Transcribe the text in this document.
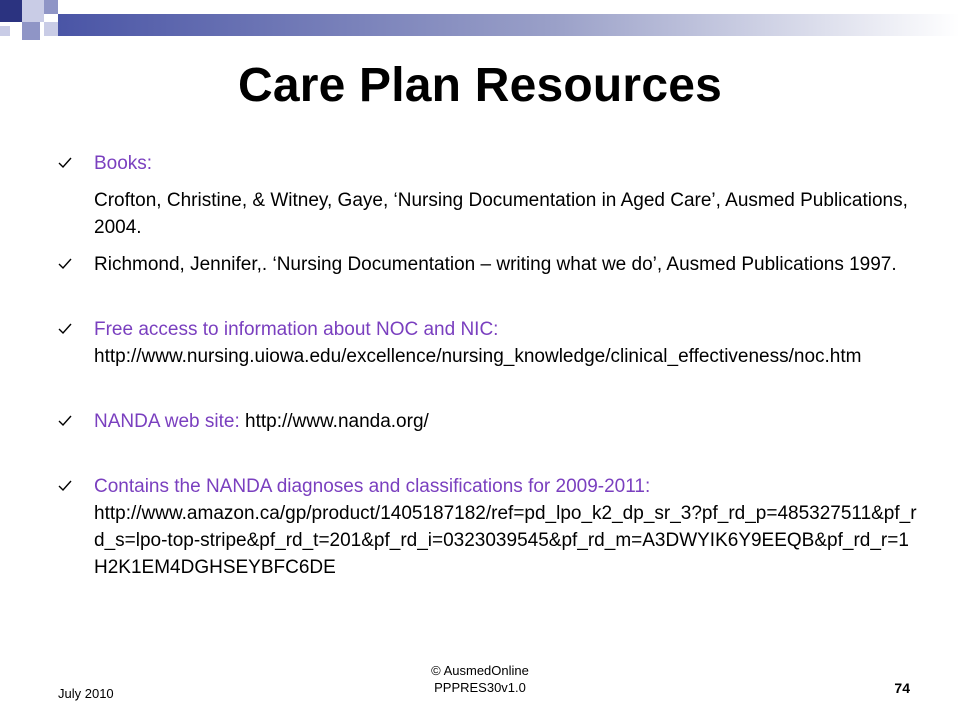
Care Plan Resources
Books:
Crofton, Christine, & Witney, Gaye, ‘Nursing Documentation in Aged Care’, Ausmed Publications, 2004.
Richmond, Jennifer,. ‘Nursing Documentation – writing what we do’, Ausmed Publications 1997.
Free access to information about NOC and NIC:
http://www.nursing.uiowa.edu/excellence/nursing_knowledge/clinical_effectiveness/noc.htm
NANDA web site: http://www.nanda.org/
Contains the NANDA diagnoses and classifications for 2009-2011:
http://www.amazon.ca/gp/product/1405187182/ref=pd_lpo_k2_dp_sr_3?pf_rd_p=485327511&pf_rd_s=lpo-top-stripe&pf_rd_t=201&pf_rd_i=0323039545&pf_rd_m=A3DWYIK6Y9EEQB&pf_rd_r=1H2K1EM4DGHSEYBFC6DE
July 2010
© AusmedOnline
PPPRES30v1.0	74
